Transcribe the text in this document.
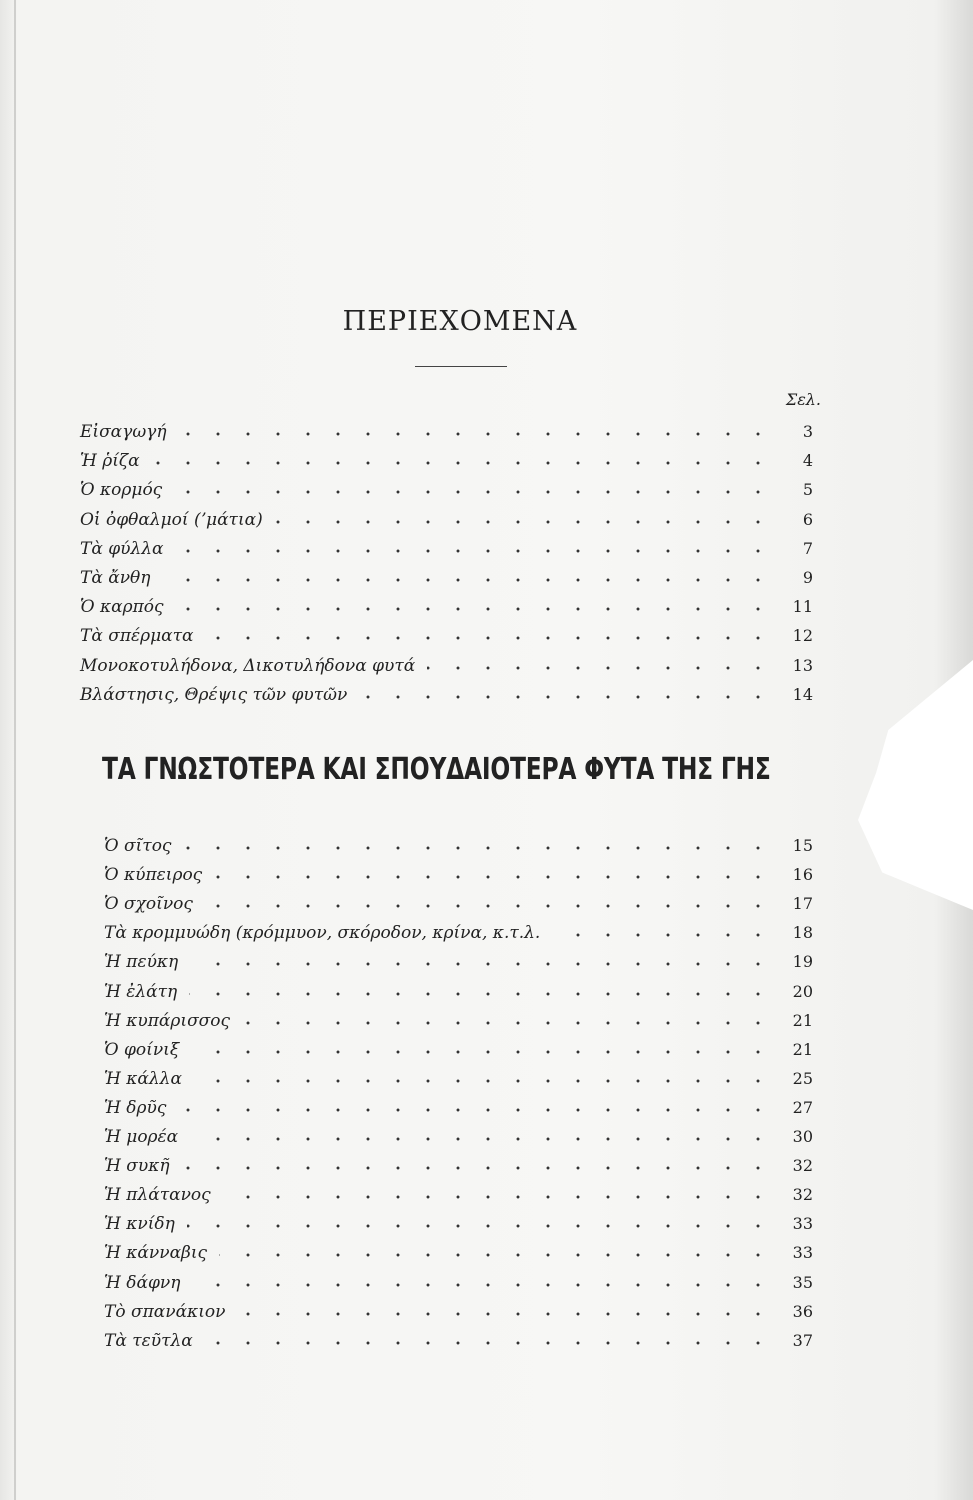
ΠΕΡΙΕΧΟΜΕΝΑ
Σελ.
ΤΑ ΓΝΩΣΤΟΤΕΡΑ ΚΑΙ ΣΠΟΥΔΑΙΟΤΕΡΑ ΦΥΤΑ ΤΗΣ ΓΗΣ
Εἰσαγωγή	3
Ἡ ῥίζα	4
Ὁ κορμός	5
Οἱ ὀφθαλμοί (ʼμάτια)	6
Τὰ φύλλα	7
Τὰ ἄνθη	9
Ὁ καρπός	11
Τὰ σπέρματα	12
Μονοκοτυλήδονα, Δικοτυλήδονα φυτά	13
Βλάστησις, Θρέψις τῶν φυτῶν	14
Ὁ σῖτος	15
Ὁ κύπειρος	16
Ὁ σχοῖνος	17
Τὰ κρομμυώδη (κρόμμυον, σκόροδον, κρίνα, κ.τ.λ.	18
Ἡ πεύκη	19
Ἡ ἐλάτη	20
Ἡ κυπάρισσος	21
Ὁ φοίνιξ	21
Ἡ κάλλα	25
Ἡ δρῦς	27
Ἡ μορέα	30
Ἡ συκῆ	32
Ἡ πλάτανος	32
Ἡ κνίδη	33
Ἡ κάνναβις	33
Ἡ δάφνη	35
Τὸ σπανάκιον	36
Τὰ τεῦτλα	37
